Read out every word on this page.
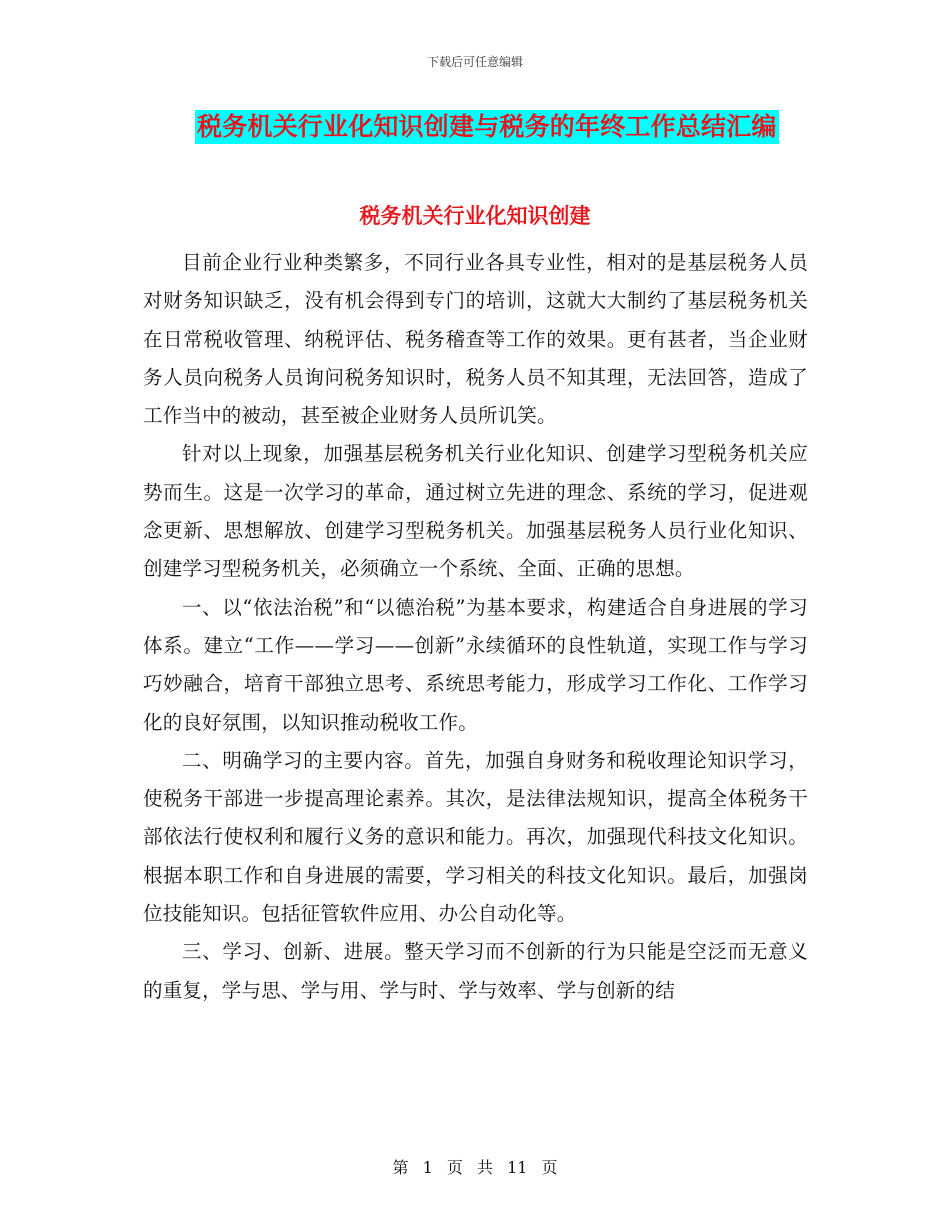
下载后可任意编辑
税务机关行业化知识创建与税务的年终工作总结汇编
税务机关行业化知识创建

目前企业行业种类繁多，不同行业各具专业性，相对的是基层税务人员对财务知识缺乏，没有机会得到专门的培训，这就大大制约了基层税务机关在日常税收管理、纳税评估、税务稽查等工作的效果。更有甚者，当企业财务人员向税务人员询问税务知识时，税务人员不知其理，无法回答，造成了工作当中的被动，甚至被企业财务人员所讥笑。

针对以上现象，加强基层税务机关行业化知识、创建学习型税务机关应势而生。这是一次学习的革命，通过树立先进的理念、系统的学习，促进观念更新、思想解放、创建学习型税务机关。加强基层税务人员行业化知识、创建学习型税务机关，必须确立一个系统、全面、正确的思想。

一、以“依法治税”和“以德治税”为基本要求，构建适合自身进展的学习体系。建立“工作——学习——创新”永续循环的良性轨道，实现工作与学习巧妙融合，培育干部独立思考、系统思考能力，形成学习工作化、工作学习化的良好氛围，以知识推动税收工作。

二、明确学习的主要内容。首先，加强自身财务和税收理论知识学习，使税务干部进一步提高理论素养。其次，是法律法规知识，提高全体税务干部依法行使权利和履行义务的意识和能力。再次，加强现代科技文化知识。根据本职工作和自身进展的需要，学习相关的科技文化知识。最后，加强岗位技能知识。包括征管软件应用、办公自动化等。

三、学习、创新、进展。整天学习而不创新的行为只能是空泛而无意义的重复，学与思、学与用、学与时、学与效率、学与创新的结

第 1 页 共 11 页
